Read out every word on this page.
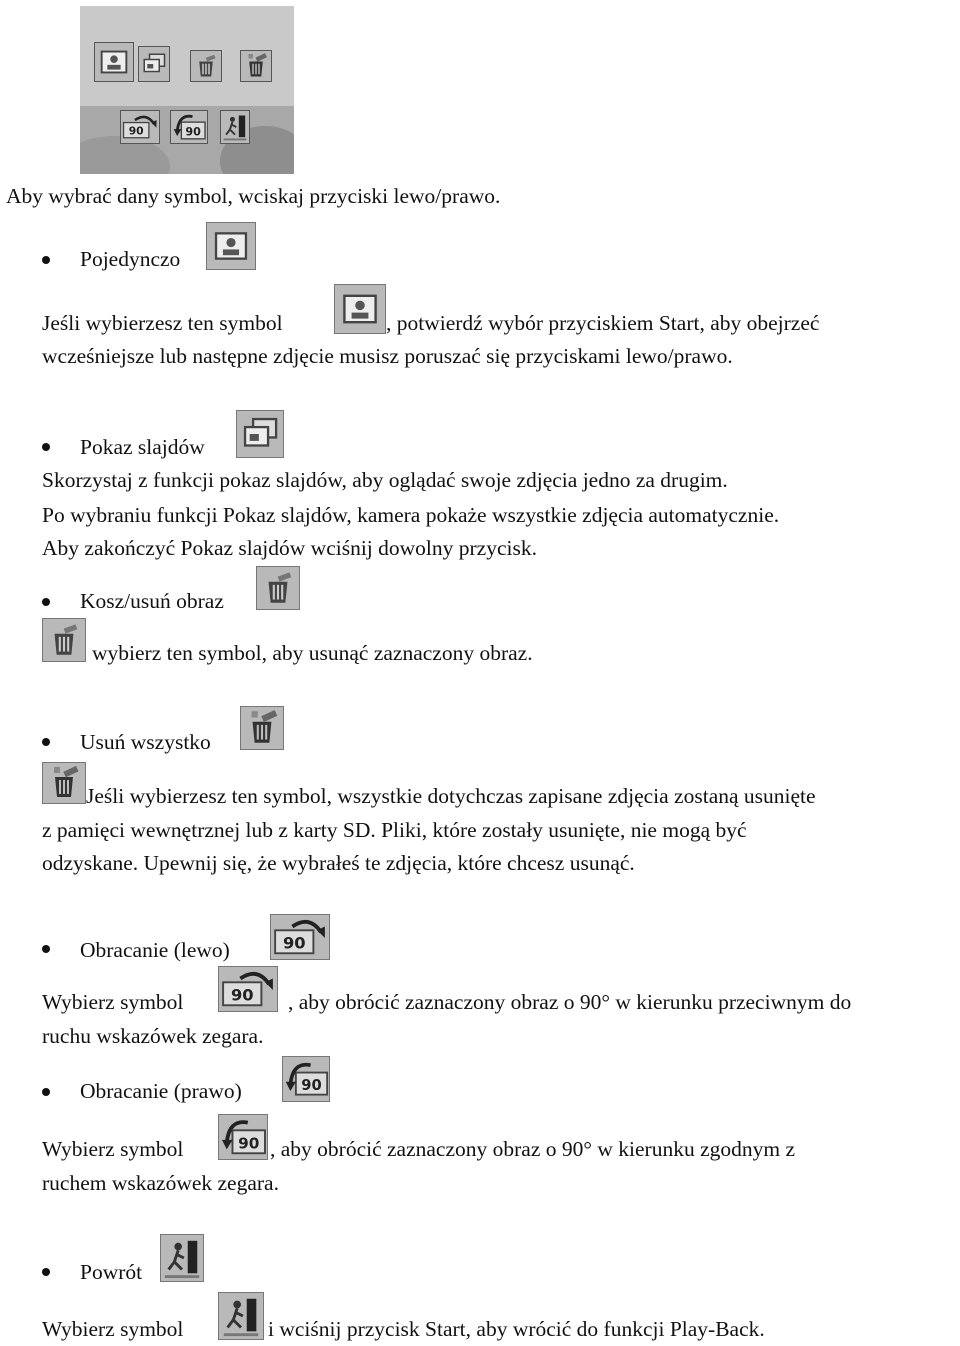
90	90
Aby wybrać dany symbol, wciskaj przyciski lewo/prawo.
Pojedynczo
Jeśli wybierzesz ten symbol	, potwierdź wybór przyciskiem Start, aby obejrzeć
wcześniejsze lub następne zdjęcie musisz poruszać się przyciskami lewo/prawo.
Pokaz slajdów
Skorzystaj z funkcji pokaz slajdów, aby oglądać swoje zdjęcia jedno za drugim.
Po wybraniu funkcji Pokaz slajdów, kamera pokaże wszystkie zdjęcia automatycznie.
Aby zakończyć Pokaz slajdów wciśnij dowolny przycisk.
Kosz/usuń obraz
wybierz ten symbol, aby usunąć zaznaczony obraz.
Usuń wszystko
Jeśli wybierzesz ten symbol, wszystkie dotychczas zapisane zdjęcia zostaną usunięte
z pamięci wewnętrznej lub z karty SD. Pliki, które zostały usunięte, nie mogą być
odzyskane. Upewnij się, że wybrałeś te zdjęcia, które chcesz usunąć.
Obracanie (lewo)	90
Wybierz symbol	90 , aby obrócić zaznaczony obraz o 90° w kierunku przeciwnym do
ruchu wskazówek zegara.
Obracanie (prawo)	90
Wybierz symbol	90 , aby obrócić zaznaczony obraz o 90° w kierunku zgodnym z
ruchem wskazówek zegara.
Powrót
Wybierz symbol	i wciśnij przycisk Start, aby wrócić do funkcji Play-Back.
